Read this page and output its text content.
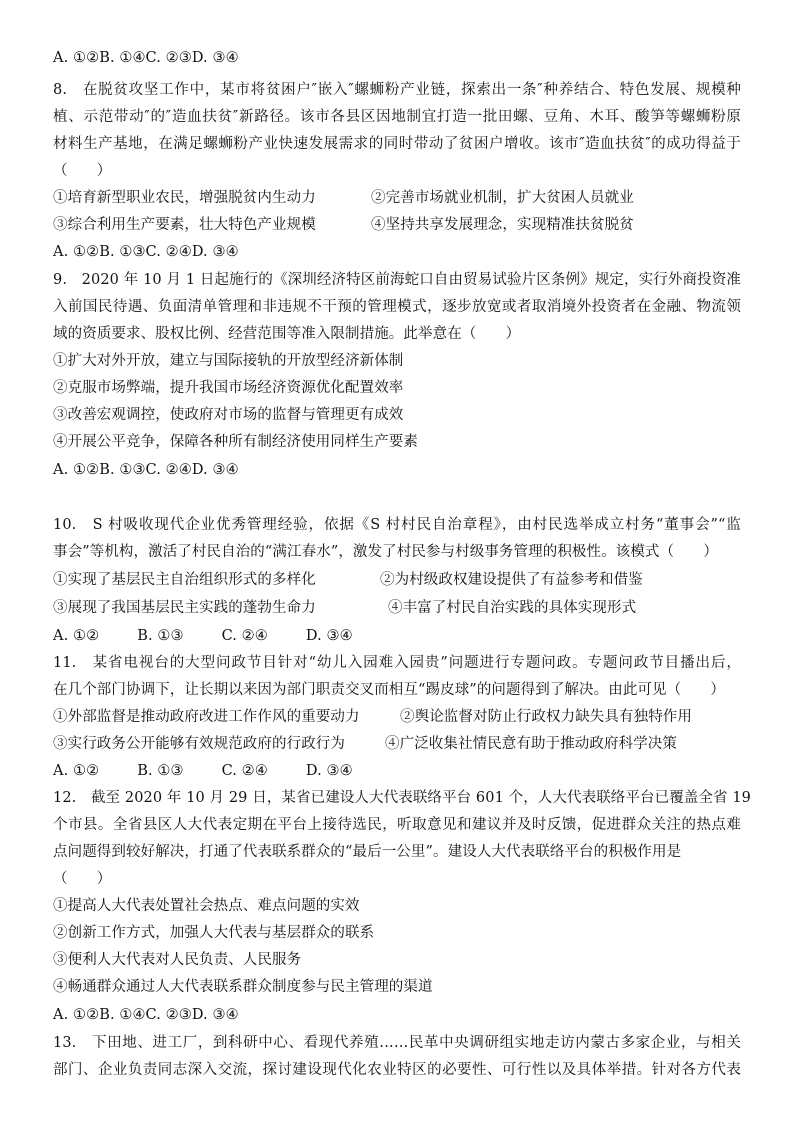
A. ①②B. ①④C. ②③D. ③④
8.　在脱贫攻坚工作中，某市将贫困户″嵌入″螺蛳粉产业链，探索出一条″种养结合、特色发展、规模种
植、示范带动″的″造血扶贫″新路径。该市各县区因地制宜打造一批田螺、豆角、木耳、酸笋等螺蛳粉原
材料生产基地，在满足螺蛳粉产业快速发展需求的同时带动了贫困户增收。该市″造血扶贫″的成功得益于
（　　）
①培育新型职业农民，增强脱贫内生动力	②完善市场就业机制，扩大贫困人员就业
③综合利用生产要素，壮大特色产业规模	④坚持共享发展理念，实现精准扶贫脱贫
A. ①②B. ①③C. ②④D. ③④
9.　2020 年 10 月 1 日起施行的《深圳经济特区前海蛇口自由贸易试验片区条例》规定，实行外商投资准
入前国民待遇、负面清单管理和非违规不干预的管理模式，逐步放宽或者取消境外投资者在金融、物流领
域的资质要求、股权比例、经营范围等准入限制措施。此举意在（　　）
①扩大对外开放，建立与国际接轨的开放型经济新体制
②克服市场弊端，提升我国市场经济资源优化配置效率
③改善宏观调控，使政府对市场的监督与管理更有成效
④开展公平竞争，保障各种所有制经济使用同样生产要素
A. ①②B. ①③C. ②④D. ③④
10.　S 村吸收现代企业优秀管理经验，依据《S 村村民自治章程》，由村民选举成立村务“董事会”“监
事会”等机构，激活了村民自治的“满江春水”，激发了村民参与村级事务管理的积极性。该模式（　　）
①实现了基层民主自治组织形式的多样化	②为村级政权建设提供了有益参考和借鉴
③展现了我国基层民主实践的蓬勃生命力	④丰富了村民自治实践的具体实现形式
A. ①②	B. ①③	C. ②④	D. ③④
11.　某省电视台的大型问政节目针对“幼儿入园难入园贵”问题进行专题问政。专题问政节目播出后，
在几个部门协调下，让长期以来因为部门职责交叉而相互“踢皮球”的问题得到了解决。由此可见（　　）
①外部监督是推动政府改进工作作风的重要动力	②舆论监督对防止行政权力缺失具有独特作用
③实行政务公开能够有效规范政府的行政行为	④广泛收集社情民意有助于推动政府科学决策
A. ①②	B. ①③	C. ②④	D. ③④
12.　截至 2020 年 10 月 29 日，某省已建设人大代表联络平台 601 个，人大代表联络平台已覆盖全省 19
个市县。全省县区人大代表定期在平台上接待选民，听取意见和建议并及时反馈，促进群众关注的热点难
点问题得到较好解决，打通了代表联系群众的“最后一公里”。建设人大代表联络平台的积极作用是
（　　）
①提高人大代表处置社会热点、难点问题的实效
②创新工作方式，加强人大代表与基层群众的联系
③便利人大代表对人民负责、人民服务
④畅通群众通过人大代表联系群众制度参与民主管理的渠道
A. ①②B. ①④C. ②③D. ③④
13.　下田地、进工厂，到科研中心、看现代养殖……民革中央调研组实地走访内蒙古多家企业，与相关
部门、企业负责同志深入交流，探讨建设现代化农业特区的必要性、可行性以及具体举措。针对各方代表
